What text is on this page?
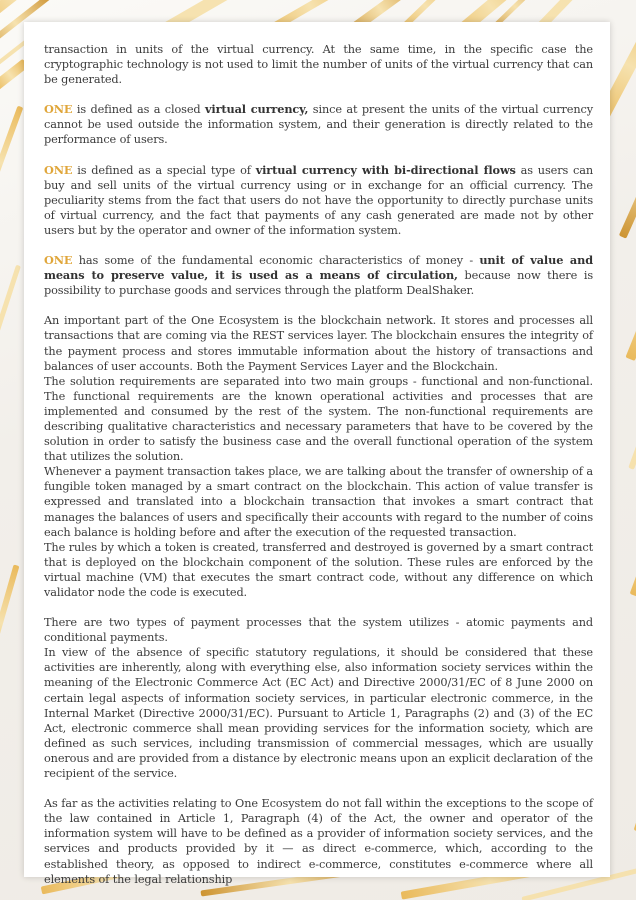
transaction in units of the virtual currency. At the same time, in the specific case the cryptographic technology is not used to limit the number of units of the virtual currency that can be generated.

ONE is defined as a closed virtual currency, since at present the units of the virtual currency cannot be used outside the information system, and their generation is directly related to the performance of users.

ONE is defined as a special type of virtual currency with bi-directional flows as users can buy and sell units of the virtual currency using or in exchange for an official currency. The peculiarity stems from the fact that users do not have the opportunity to directly purchase units of virtual currency, and the fact that payments of any cash generated are made not by other users but by the operator and owner of the information system.

ONE has some of the fundamental economic characteristics of money - unit of value and means to preserve value, it is used as a means of circulation, because now there is possibility to purchase goods and services through the platform DealShaker.

An important part of the One Ecosystem is the blockchain network. It stores and processes all transactions that are coming via the REST services layer. The blockchain ensures the integrity of the payment process and stores immutable information about the history of transactions and balances of user accounts. Both the Payment Services Layer and the Blockchain.

The solution requirements are separated into two main groups - functional and non-functional. The functional requirements are the known operational activities and processes that are implemented and consumed by the rest of the system. The non-functional requirements are describing qualitative characteristics and necessary parameters that have to be covered by the solution in order to satisfy the business case and the overall functional operation of the system that utilizes the solution.

Whenever a payment transaction takes place, we are talking about the transfer of ownership of a fungible token managed by a smart contract on the blockchain. This action of value transfer is expressed and translated into a blockchain transaction that invokes a smart contract that manages the balances of users and specifically their accounts with regard to the number of coins each balance is holding before and after the execution of the requested transaction.

The rules by which a token is created, transferred and destroyed is governed by a smart contract that is deployed on the blockchain component of the solution. These rules are enforced by the virtual machine (VM) that executes the smart contract code, without any difference on which validator node the code is executed.

There are two types of payment processes that the system utilizes - atomic payments and conditional payments.

In view of the absence of specific statutory regulations, it should be considered that these activities are inherently, along with everything else, also information society services within the meaning of the Electronic Commerce Act (EC Act) and Directive 2000/31/EC of 8 June 2000 on certain legal aspects of information society services, in particular electronic commerce, in the Internal Market (Directive 2000/31/EC). Pursuant to Article 1, Paragraphs (2) and (3) of the EC Act, electronic commerce shall mean providing services for the information society, which are defined as such services, including transmission of commercial messages, which are usually onerous and are provided from a distance by electronic means upon an explicit declaration of the recipient of the service.

As far as the activities relating to One Ecosystem do not fall within the exceptions to the scope of the law contained in Article 1, Paragraph (4) of the Act, the owner and operator of the information system will have to be defined as a provider of information society services, and the services and products provided by it — as direct e-commerce, which, according to the established theory, as opposed to indirect e-commerce, constitutes e-commerce where all elements of the legal relationship
